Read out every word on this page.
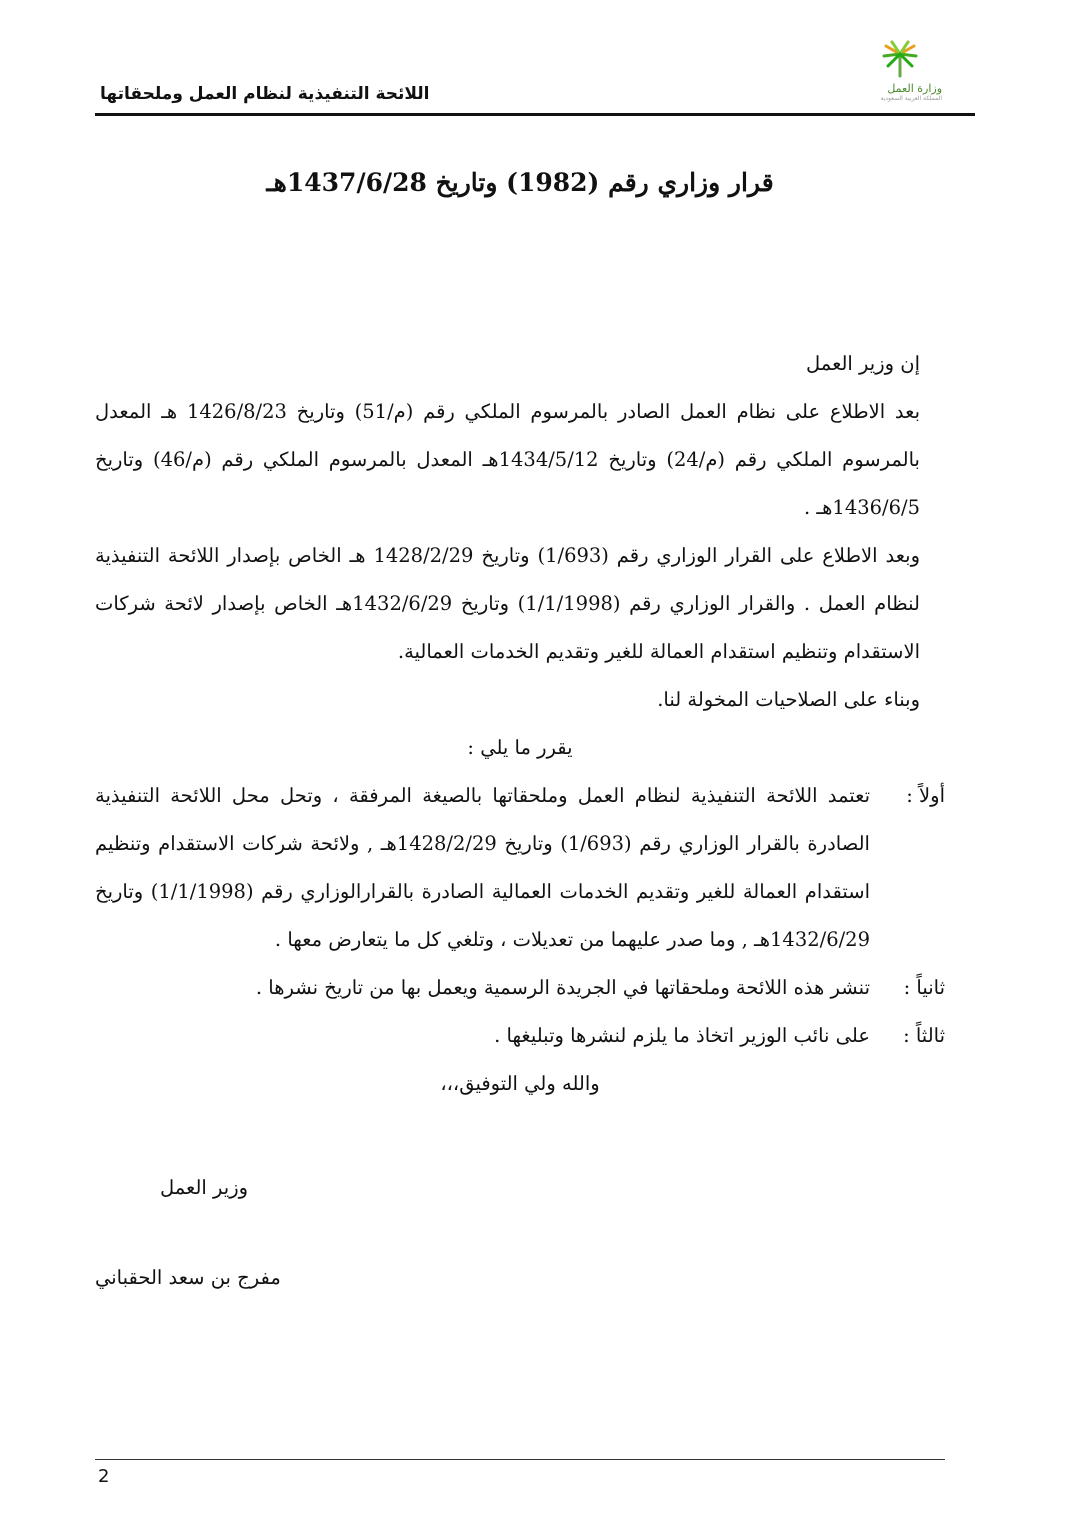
اللائحة التنفيذية لنظام العمل وملحقاتها	وزارة العمل
المملكة العربية السعودية
قرار وزاري رقم (1982) وتاريخ 1437/6/28هـ

إن وزير العمل

بعد الاطلاع على نظام العمل الصادر بالمرسوم الملكي رقم (م/51) وتاريخ 1426/8/23 هـ المعدل بالمرسوم الملكي رقم (م/24) وتاريخ 1434/5/12هـ المعدل بالمرسوم الملكي رقم (م/46) وتاريخ 1436/6/5هـ .

وبعد الاطلاع على القرار الوزاري رقم (1/693) وتاريخ 1428/2/29 هـ الخاص بإصدار اللائحة التنفيذية لنظام العمل . والقرار الوزاري رقم (1/1/1998) وتاريخ 1432/6/29هـ الخاص بإصدار لائحة شركات الاستقدام وتنظيم استقدام العمالة للغير وتقديم الخدمات العمالية.

وبناء على الصلاحيات المخولة لنا.

يقرر ما يلي :

أولاً :
تعتمد اللائحة التنفيذية لنظام العمل وملحقاتها بالصيغة المرفقة ، وتحل محل اللائحة التنفيذية الصادرة بالقرار الوزاري رقم (1/693) وتاريخ 1428/2/29هـ , ولائحة شركات الاستقدام وتنظيم استقدام العمالة للغير وتقديم الخدمات العمالية الصادرة بالقرارالوزاري رقم (1/1/1998) وتاريخ 1432/6/29هـ , وما صدر عليهما من تعديلات ، وتلغي كل ما يتعارض معها .
ثانياً :
تنشر هذه اللائحة وملحقاتها في الجريدة الرسمية ويعمل بها من تاريخ نشرها .
ثالثاً :
على نائب الوزير اتخاذ ما يلزم لنشرها وتبليغها .

والله ولي التوفيق،،،

وزير العمل
مفرج بن سعد الحقباني
2
